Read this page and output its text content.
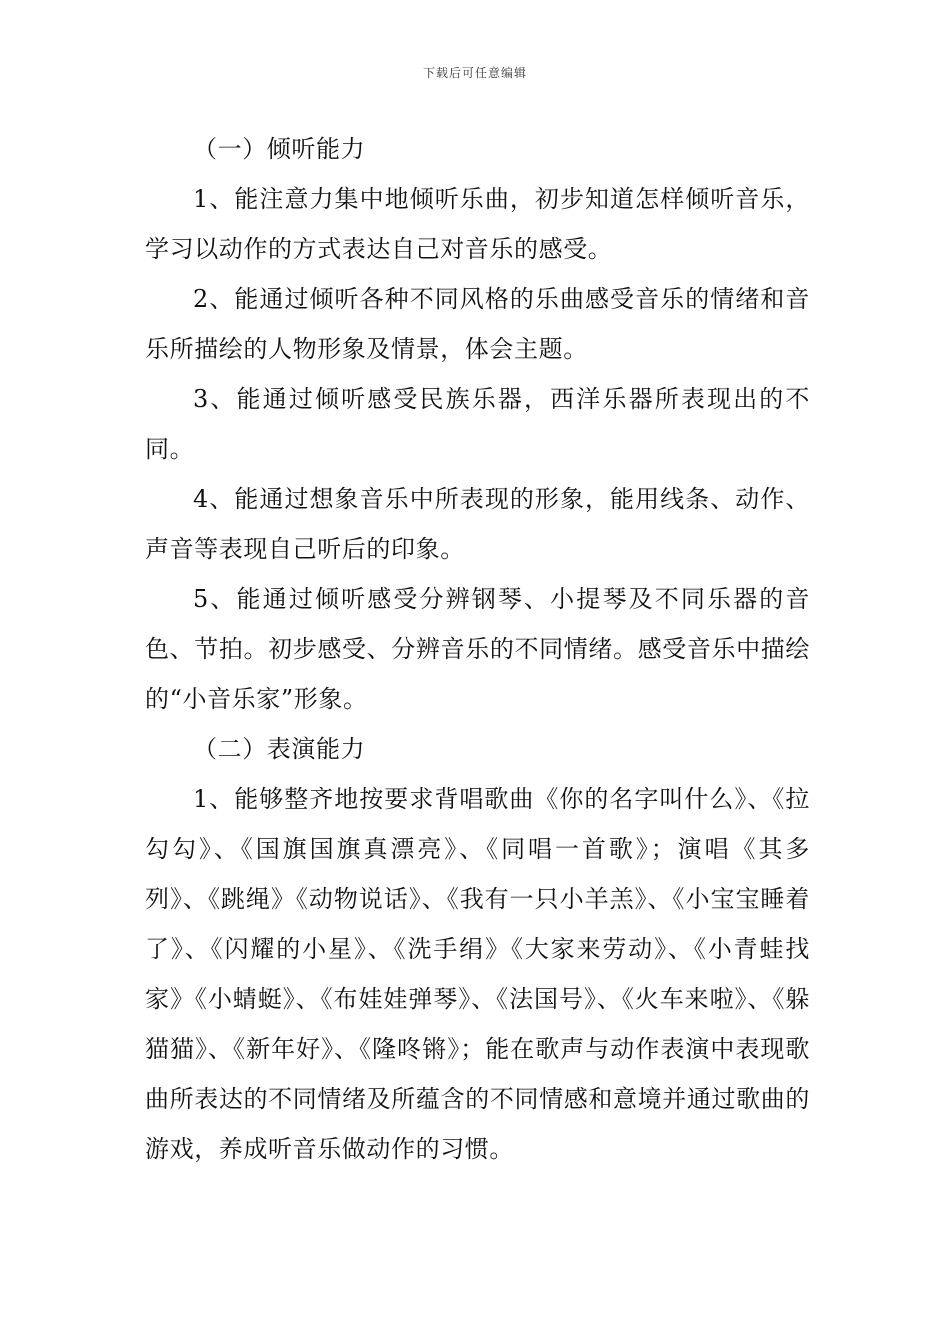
下载后可任意编辑

（一）倾听能力

1、能注意力集中地倾听乐曲，初步知道怎样倾听音乐，学习以动作的方式表达自己对音乐的感受。

2、能通过倾听各种不同风格的乐曲感受音乐的情绪和音乐所描绘的人物形象及情景，体会主题。

3、能通过倾听感受民族乐器，西洋乐器所表现出的不同。

4、能通过想象音乐中所表现的形象，能用线条、动作、声音等表现自己听后的印象。

5、能通过倾听感受分辨钢琴、小提琴及不同乐器的音色、节拍。初步感受、分辨音乐的不同情绪。感受音乐中描绘的“小音乐家”形象。

（二）表演能力

1、能够整齐地按要求背唱歌曲《你的名字叫什么》、《拉勾勾》、《国旗国旗真漂亮》、《同唱一首歌》；演唱《其多列》、《跳绳》《动物说话》、《我有一只小羊羔》、《小宝宝睡着了》、《闪耀的小星》、《洗手绢》《大家来劳动》、《小青蛙找家》《小蜻蜓》、《布娃娃弹琴》、《法国号》、《火车来啦》、《躲猫猫》、《新年好》、《隆咚锵》；能在歌声与动作表演中表现歌曲所表达的不同情绪及所蕴含的不同情感和意境并通过歌曲的游戏，养成听音乐做动作的习惯。
